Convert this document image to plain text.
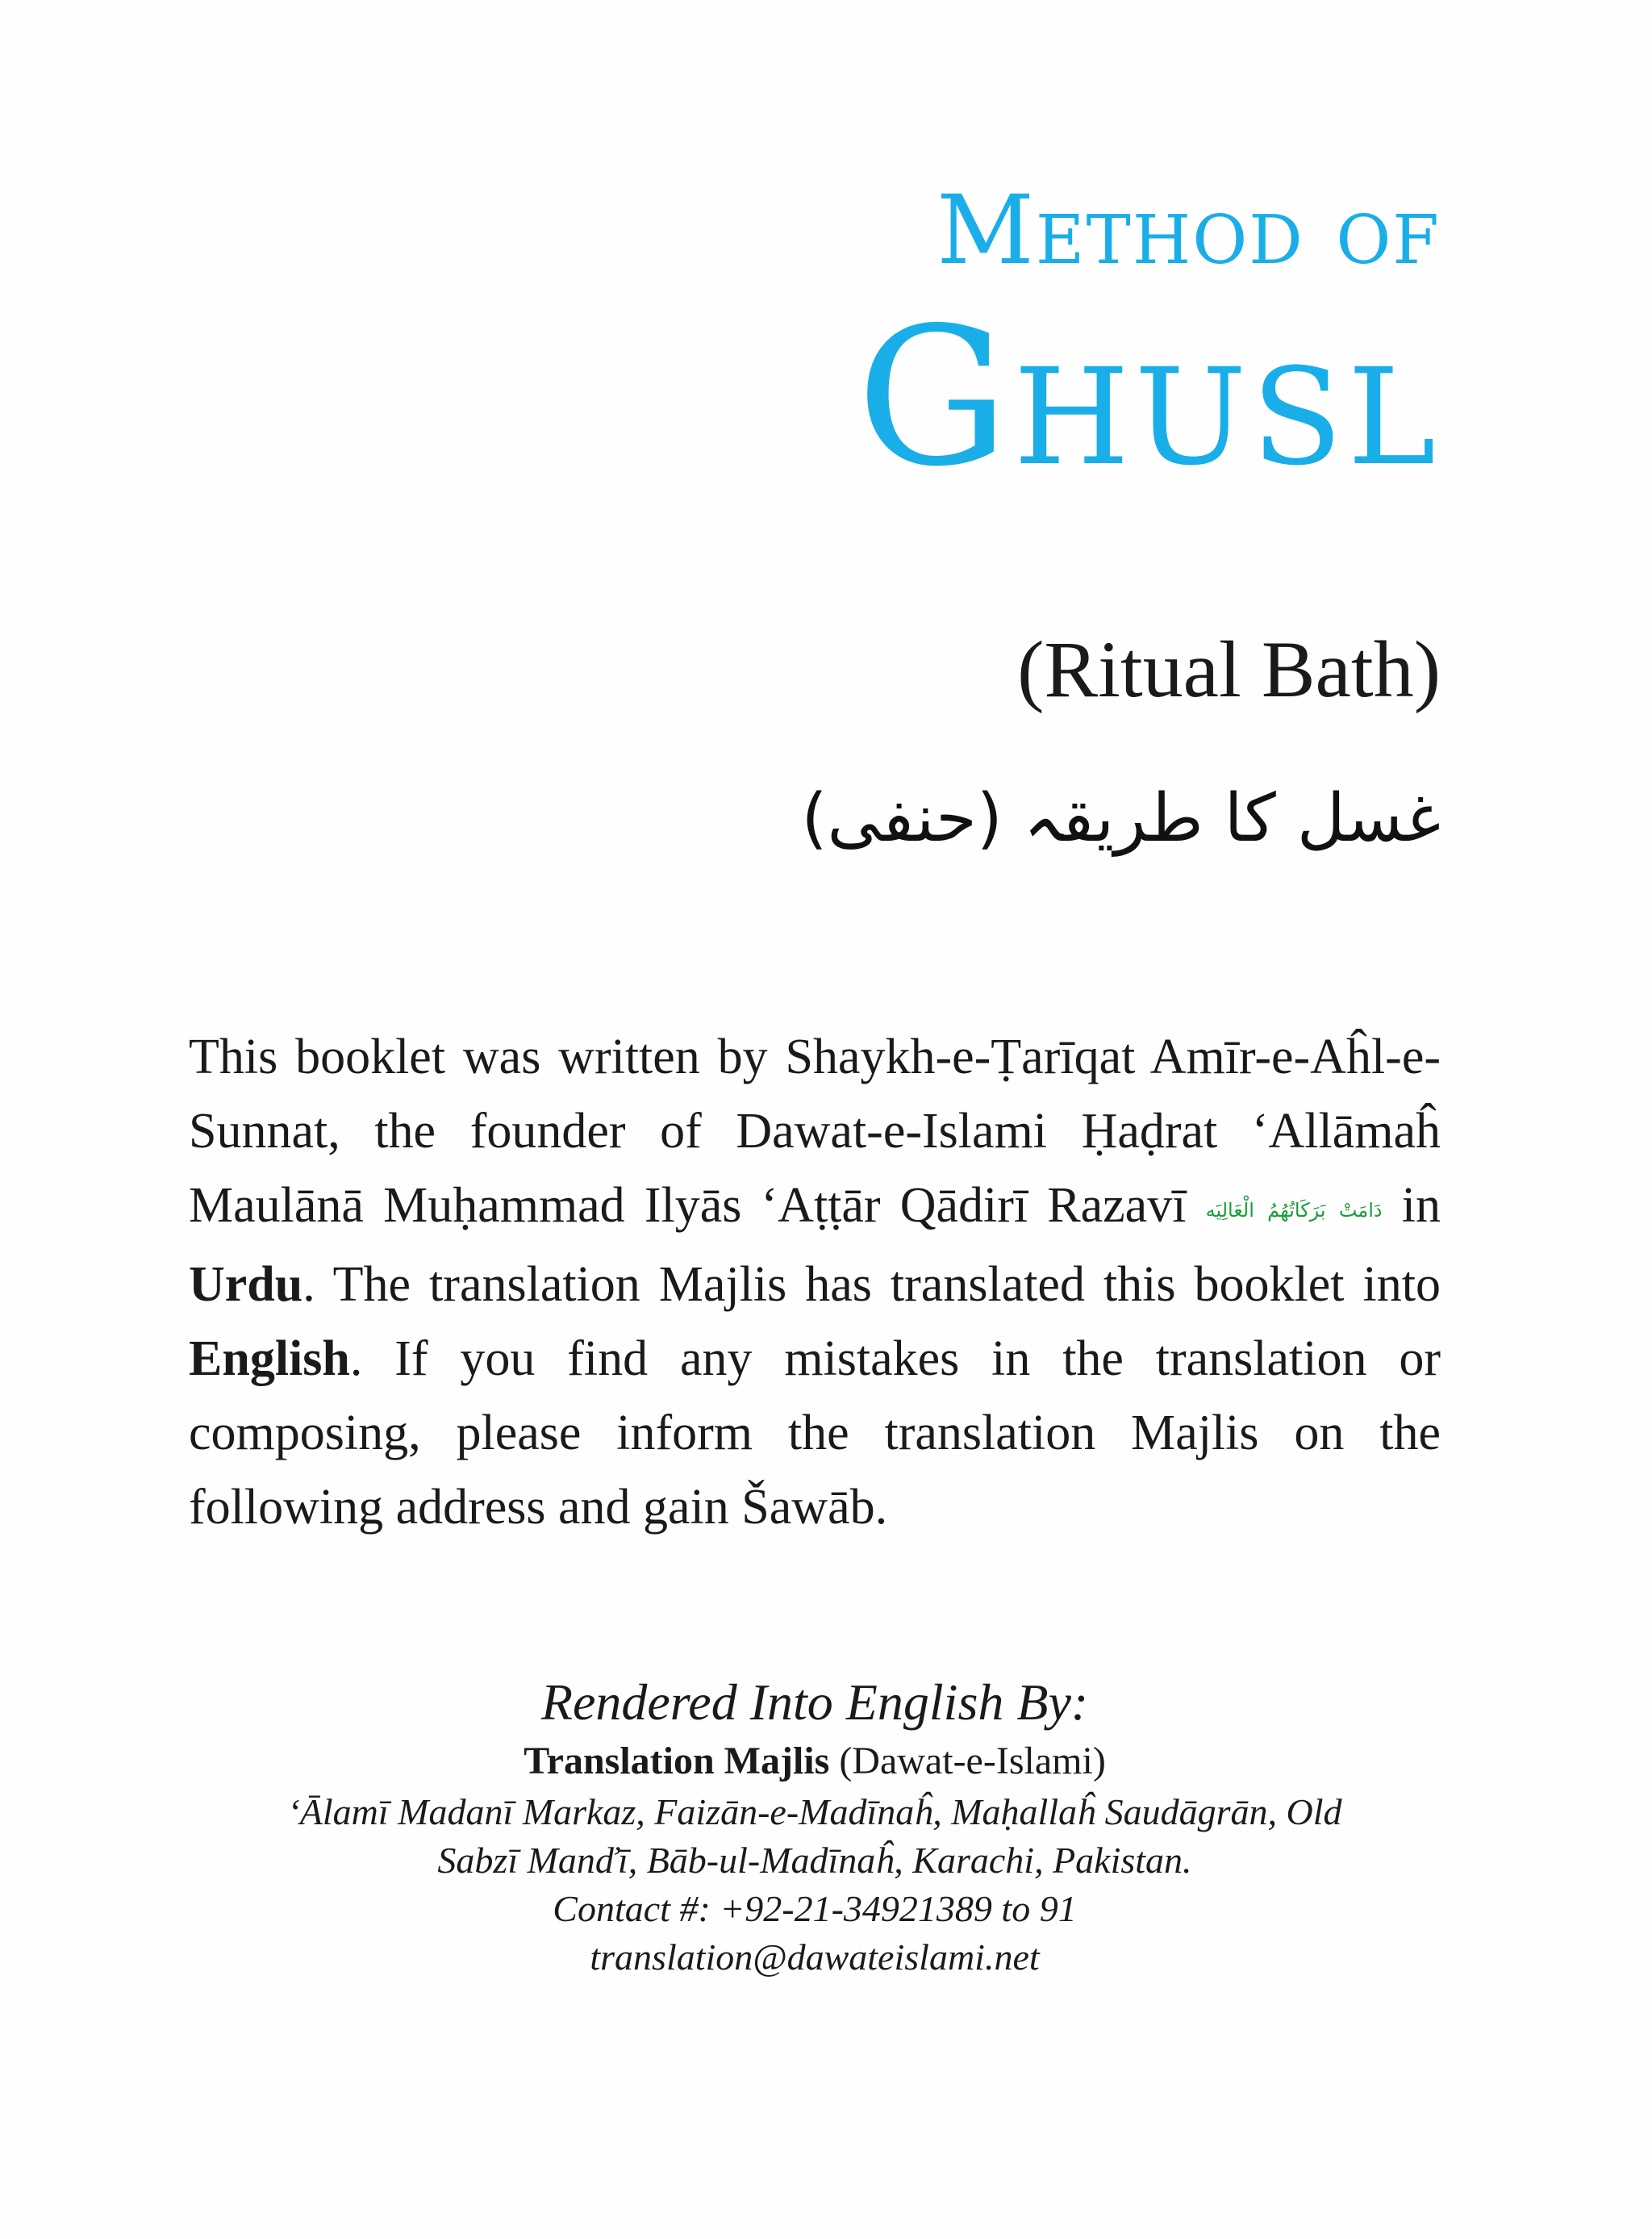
Method of
Ghusl
(Ritual Bath)
غسل کا طریقہ (حنفی)
This booklet was written by Shaykh-e-Ṭarīqat Amīr-e-Aĥl-e-Sunnat, the founder of Dawat-e-Islami Ḥaḍrat ‘Allāmaĥ Maulānā Muḥammad Ilyās ‘Aṭṭār Qādirī Razavī دَامَتْ بَرَكَاتُهُمُ الْعَالِيَه in Urdu. The translation Majlis has translated this booklet into English. If you find any mistakes in the translation or composing, please inform the translation Majlis on the following address and gain Šawāb.
Rendered Into English By:
Translation Majlis (Dawat-e-Islami)
‘Ālamī Madanī Markaz, Faizān-e-Madīnaĥ, Maḥallaĥ Saudāgrān, Old
Sabzī Manďī, Bāb-ul-Madīnaĥ, Karachi, Pakistan.
Contact #: +92-21-34921389 to 91
translation@dawateislami.net
